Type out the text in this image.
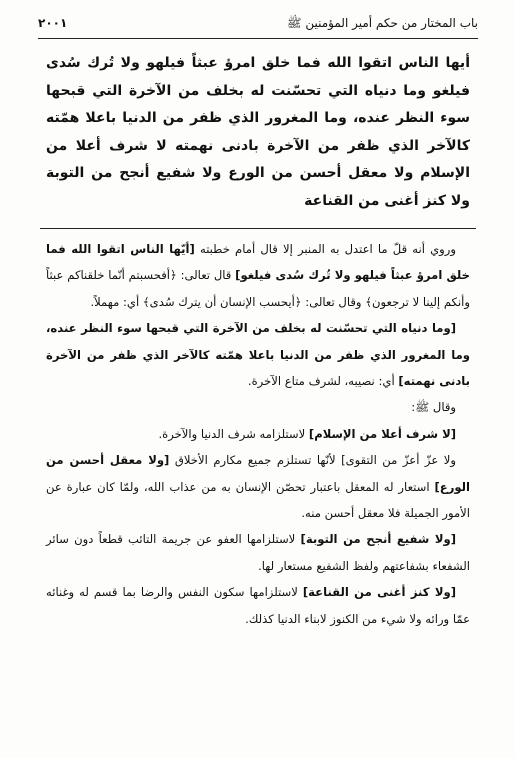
٢٠٠١	باب المختار من حكم أمير المؤمنين ﷺ
أيها الناس اتقوا الله فما خلق امرؤ عبثاً فيلهو ولا تُرك سُدى فيلغو وما دنياه التي تحسّنت له بخلف من الآخرة التي قبحها سوء النظر عنده، وما المغرور الذي ظفر من الدنيا باعلا همّته كالآخر الذي ظفر من الآخرة بادنى نهمته لا شرف أعلا من الإسلام ولا معقل أحسن من الورع ولا شفيع أنجح من التوبة ولا كنز أغنى من القناعة

وروي أنه قلّ ما اعتدل به المنبر إلا قال أمام خطبته [أيّها الناس اتقوا الله فما خلق امرؤ عبثاً فيلهو ولا تُرك سُدى فيلغو] قال تعالى: ﴿أفحسبتم أنّما خلقناكم عبثاً وأنكم إلينا لا ترجعون﴾ وقال تعالى: ﴿أيحسب الإنسان أن يترك سُدى﴾ أي: مهملاً.

[وما دنياه التي تحسّنت له بخلف من الآخرة التي قبحها سوء النظر عنده، وما المغرور الذي ظفر من الدنيا باعلا همّته كالآخر الذي ظفر من الآخرة بادنى نهمته] أي: نصيبه، لشرف متاع الآخرة.

وقال ﷺ:

[لا شرف أعلا من الإسلام] لاستلزامه شرف الدنيا والآخرة.

ولا عزّ أعزّ من التقوى] لأنّها تستلزم جميع مكارم الأخلاق [ولا معقل أحسن من الورع] استعار له المعقل باعتبار تحصّن الإنسان به من عذاب الله، ولمّا كان عبارة عن الأمور الجميلة فلا معقل أحسن منه.

[ولا شفيع أنجح من التوبة] لاستلزامها العفو عن جريمة التائب قطعاً دون سائر الشفعاء بشفاعتهم ولفظ الشفيع مستعار لها.

[ولا كنز أغنى من القناعة] لاستلزامها سكون النفس والرضا بما قسم له وغنائه عمّا ورائه ولا شيء من الكنوز لابناء الدنيا كذلك.
